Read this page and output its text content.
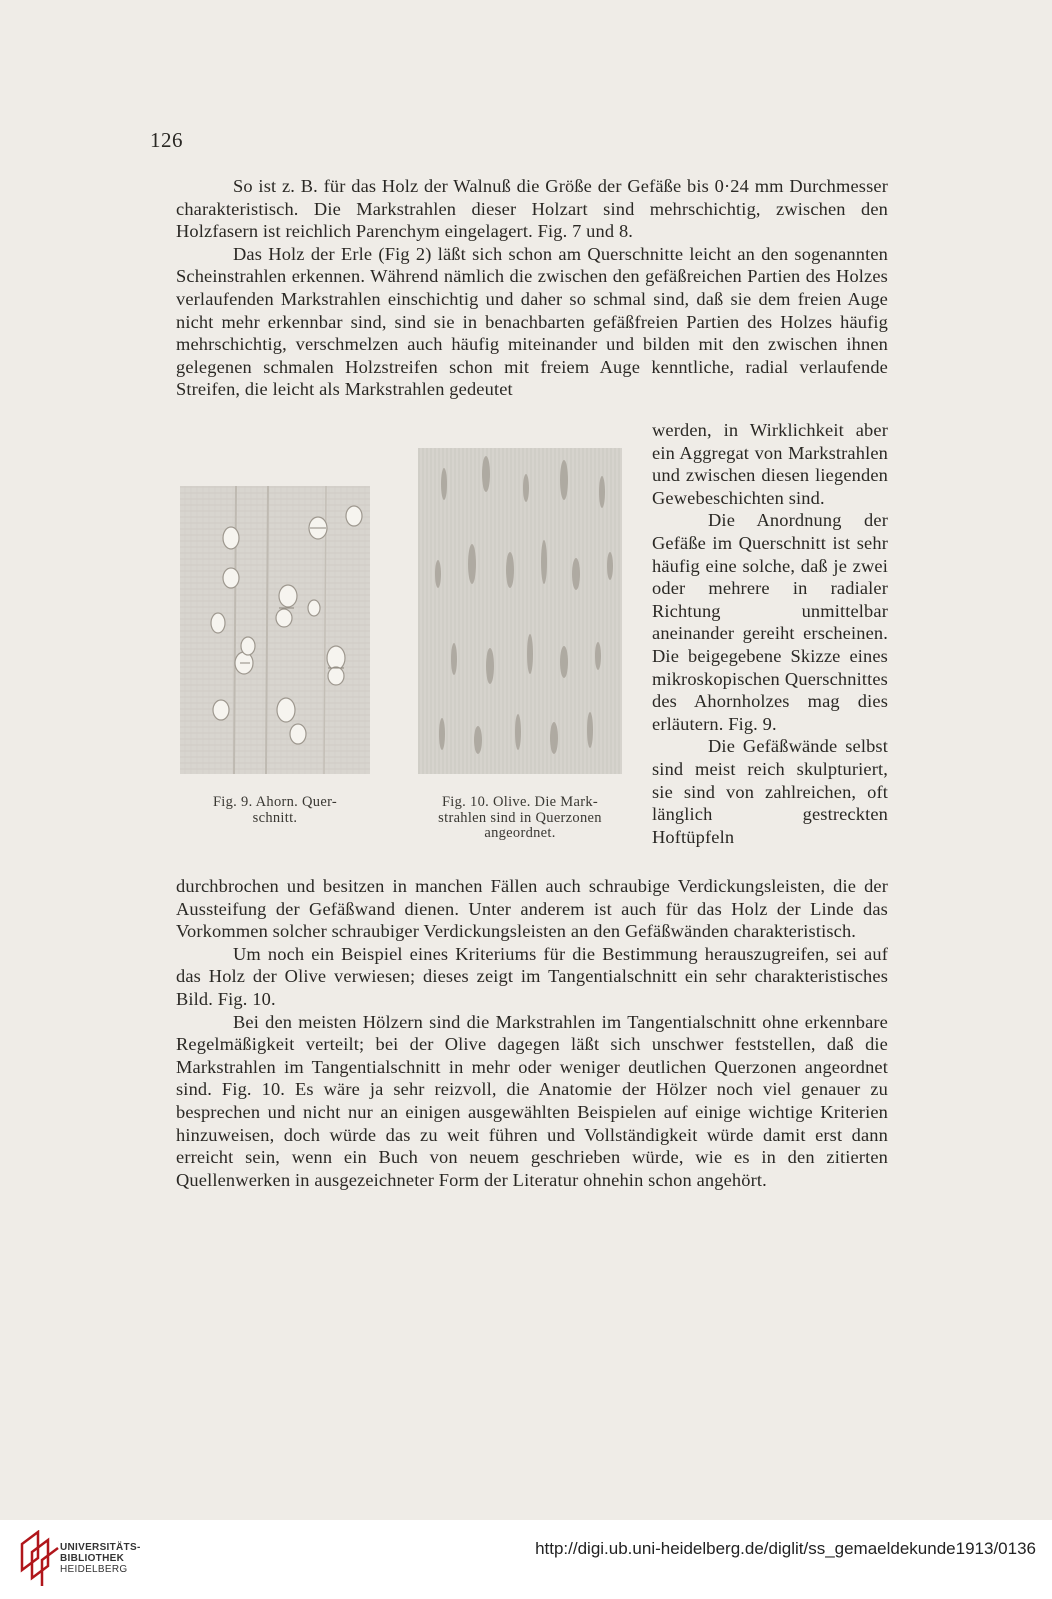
126

So ist z. B. für das Holz der Walnuß die Größe der Gefäße bis 0·24 mm Durchmesser charakteristisch. Die Markstrahlen dieser Holzart sind mehrschichtig, zwischen den Holzfasern ist reichlich Parenchym eingelagert. Fig. 7 und 8.

Das Holz der Erle (Fig 2) läßt sich schon am Querschnitte leicht an den sogenannten Scheinstrahlen erkennen. Während nämlich die zwischen den gefäßreichen Partien des Holzes verlaufenden Markstrahlen einschichtig und daher so schmal sind, daß sie dem freien Auge nicht mehr erkennbar sind, sind sie in benachbarten gefäßfreien Partien des Holzes häufig mehrschichtig, verschmelzen auch häufig miteinander und bilden mit den zwischen ihnen gelegenen schmalen Holzstreifen schon mit freiem Auge kenntliche, radial verlaufende Streifen, die leicht als Markstrahlen gedeutet

Fig. 9. Ahorn. Quer-
schnitt.
Fig. 10. Olive. Die Mark-
strahlen sind in Querzonen
angeordnet.

werden, in Wirklichkeit aber ein Aggregat von Markstrahlen und zwischen diesen liegenden Gewebeschichten sind.

Die Anordnung der Gefäße im Querschnitt ist sehr häufig eine solche, daß je zwei oder mehrere in radialer Richtung unmittelbar aneinander gereiht erscheinen. Die beigegebene Skizze eines mikroskopischen Querschnittes des Ahornholzes mag dies erläutern. Fig. 9.

Die Gefäßwände selbst sind meist reich skulpturiert, sie sind von zahlreichen, oft länglich gestreckten Hoftüpfeln

durchbrochen und besitzen in manchen Fällen auch schraubige Verdickungsleisten, die der Aussteifung der Gefäßwand dienen. Unter anderem ist auch für das Holz der Linde das Vorkommen solcher schraubiger Verdickungsleisten an den Gefäßwänden charakteristisch.

Um noch ein Beispiel eines Kriteriums für die Bestimmung herauszugreifen, sei auf das Holz der Olive verwiesen; dieses zeigt im Tangentialschnitt ein sehr charakteristisches Bild. Fig. 10.

Bei den meisten Hölzern sind die Markstrahlen im Tangentialschnitt ohne erkennbare Regelmäßigkeit verteilt; bei der Olive dagegen läßt sich unschwer feststellen, daß die Markstrahlen im Tangentialschnitt in mehr oder weniger deutlichen Querzonen angeordnet sind. Fig. 10. Es wäre ja sehr reizvoll, die Anatomie der Hölzer noch viel genauer zu besprechen und nicht nur an einigen ausgewählten Beispielen auf einige wichtige Kriterien hinzuweisen, doch würde das zu weit führen und Vollständigkeit würde damit erst dann erreicht sein, wenn ein Buch von neuem geschrieben würde, wie es in den zitierten Quellenwerken in ausgezeichneter Form der Literatur ohnehin schon angehört.

UNIVERSITÄTS-
BIBLIOTHEK
HEIDELBERG
http://digi.ub.uni-heidelberg.de/diglit/ss_gemaeldekunde1913/0136
